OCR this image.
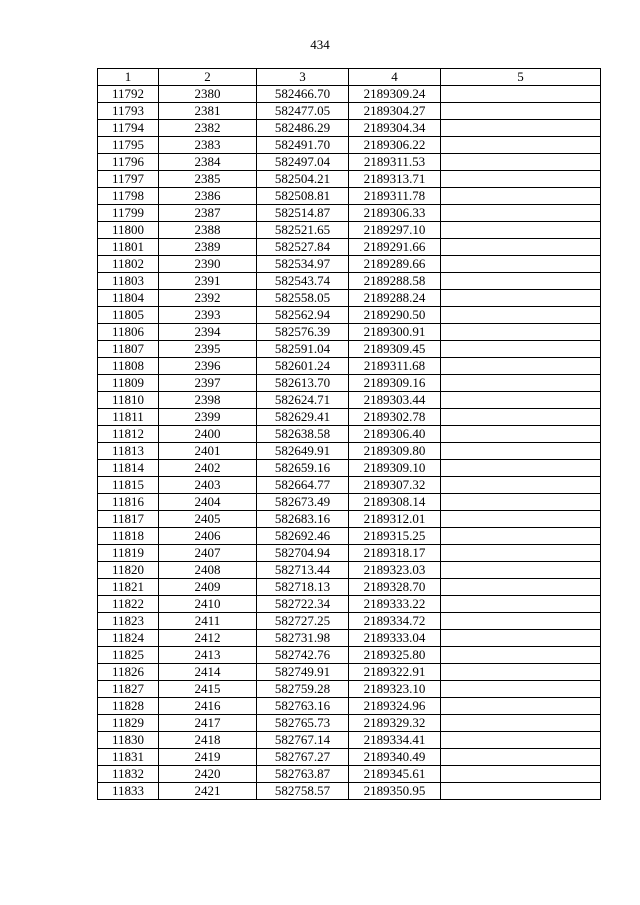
434
1	2	3	4	5
11792	2380	582466.70	2189309.24	
11793	2381	582477.05	2189304.27	
11794	2382	582486.29	2189304.34	
11795	2383	582491.70	2189306.22	
11796	2384	582497.04	2189311.53	
11797	2385	582504.21	2189313.71	
11798	2386	582508.81	2189311.78	
11799	2387	582514.87	2189306.33	
11800	2388	582521.65	2189297.10	
11801	2389	582527.84	2189291.66	
11802	2390	582534.97	2189289.66	
11803	2391	582543.74	2189288.58	
11804	2392	582558.05	2189288.24	
11805	2393	582562.94	2189290.50	
11806	2394	582576.39	2189300.91	
11807	2395	582591.04	2189309.45	
11808	2396	582601.24	2189311.68	
11809	2397	582613.70	2189309.16	
11810	2398	582624.71	2189303.44	
11811	2399	582629.41	2189302.78	
11812	2400	582638.58	2189306.40	
11813	2401	582649.91	2189309.80	
11814	2402	582659.16	2189309.10	
11815	2403	582664.77	2189307.32	
11816	2404	582673.49	2189308.14	
11817	2405	582683.16	2189312.01	
11818	2406	582692.46	2189315.25	
11819	2407	582704.94	2189318.17	
11820	2408	582713.44	2189323.03	
11821	2409	582718.13	2189328.70	
11822	2410	582722.34	2189333.22	
11823	2411	582727.25	2189334.72	
11824	2412	582731.98	2189333.04	
11825	2413	582742.76	2189325.80	
11826	2414	582749.91	2189322.91	
11827	2415	582759.28	2189323.10	
11828	2416	582763.16	2189324.96	
11829	2417	582765.73	2189329.32	
11830	2418	582767.14	2189334.41	
11831	2419	582767.27	2189340.49	
11832	2420	582763.87	2189345.61	
11833	2421	582758.57	2189350.95	
